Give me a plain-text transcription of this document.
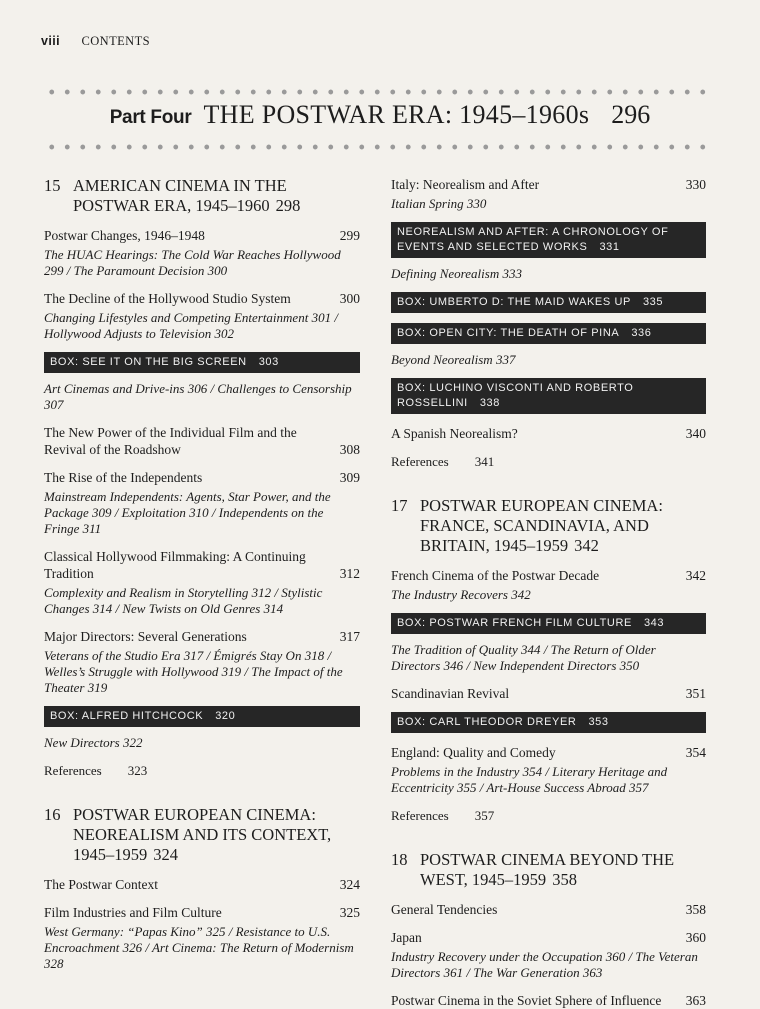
viii CONTENTS
Part Four THE POSTWAR ERA: 1945–1960s 296
15 AMERICAN CINEMA IN THE POSTWAR ERA, 1945–1960 298
Postwar Changes, 1946–1948	299
The HUAC Hearings: The Cold War Reaches Hollywood 299 / The Paramount Decision 300
The Decline of the Hollywood Studio System	300
Changing Lifestyles and Competing Entertainment 301 / Hollywood Adjusts to Television 302
BOX: SEE IT ON THE BIG SCREEN 303
Art Cinemas and Drive-ins 306 / Challenges to Censorship 307
The New Power of the Individual Film and the Revival of the Roadshow	308
The Rise of the Independents	309
Mainstream Independents: Agents, Star Power, and the Package 309 / Exploitation 310 / Independents on the Fringe 311
Classical Hollywood Filmmaking: A Continuing Tradition	312
Complexity and Realism in Storytelling 312 / Stylistic Changes 314 / New Twists on Old Genres 314
Major Directors: Several Generations	317
Veterans of the Studio Era 317 / Émigrés Stay On 318 / Welles’s Struggle with Hollywood 319 / The Impact of the Theater 319
BOX: ALFRED HITCHCOCK 320
New Directors 322
References 323
16 POSTWAR EUROPEAN CINEMA: NEOREALISM AND ITS CONTEXT, 1945–1959 324
The Postwar Context	324
Film Industries and Film Culture	325
West Germany: “Papas Kino” 325 / Resistance to U.S. Encroachment 326 / Art Cinema: The Return of Modernism 328
Italy: Neorealism and After	330
Italian Spring 330
NEOREALISM AND AFTER: A CHRONOLOGY OF EVENTS AND SELECTED WORKS 331
Defining Neorealism 333
BOX: UMBERTO D: THE MAID WAKES UP 335
BOX: OPEN CITY: THE DEATH OF PINA 336
Beyond Neorealism 337
BOX: LUCHINO VISCONTI AND ROBERTO ROSSELLINI 338
A Spanish Neorealism?	340
References 341
17 POSTWAR EUROPEAN CINEMA: FRANCE, SCANDINAVIA, AND BRITAIN, 1945–1959 342
French Cinema of the Postwar Decade	342
The Industry Recovers 342
BOX: POSTWAR FRENCH FILM CULTURE 343
The Tradition of Quality 344 / The Return of Older Directors 346 / New Independent Directors 350
Scandinavian Revival	351
BOX: CARL THEODOR DREYER 353
England: Quality and Comedy	354
Problems in the Industry 354 / Literary Heritage and Eccentricity 355 / Art-House Success Abroad 357
References 357
18 POSTWAR CINEMA BEYOND THE WEST, 1945–1959 358
General Tendencies	358
Japan	360
Industry Recovery under the Occupation 360 / The Veteran Directors 361 / The War Generation 363
Postwar Cinema in the Soviet Sphere of Influence 363
